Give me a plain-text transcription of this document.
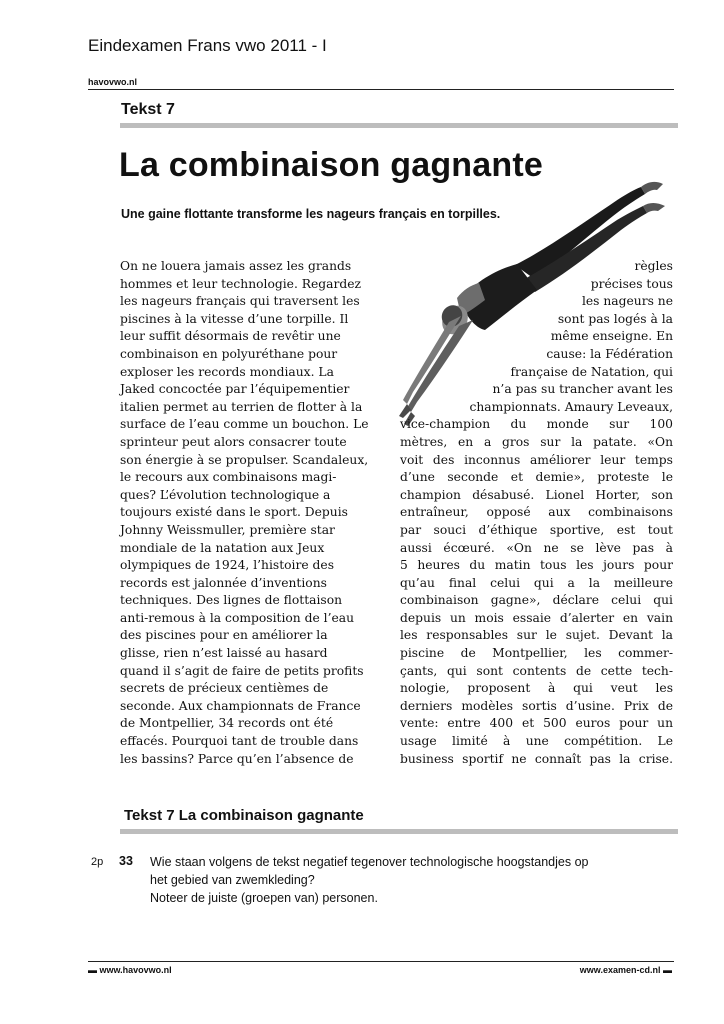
Eindexamen Frans vwo 2011 - I
havovwo.nl
Tekst 7
La combinaison gagnante
Une gaine flottante transforme les nageurs français en torpilles.
On ne louera jamais assez les grands
hommes et leur technologie. Regardez
les nageurs français qui traversent les
piscines à la vitesse d’une torpille. Il
leur suffit désormais de revêtir une
combinaison en polyuréthane pour
exploser les records mondiaux. La
Jaked concoctée par l’équipementier
italien permet au terrien de flotter à la
surface de l’eau comme un bouchon. Le
sprinteur peut alors consacrer toute
son énergie à se propulser. Scandaleux,
le recours aux combinaisons magi-
ques? L’évolution technologique a
toujours existé dans le sport. Depuis
Johnny Weissmuller, première star
mondiale de la natation aux Jeux
olympiques de 1924, l’histoire des
records est jalonnée d’inventions
techniques. Des lignes de flottaison
anti-remous à la composition de l’eau
des piscines pour en améliorer la
glisse, rien n’est laissé au hasard
quand il s’agit de faire de petits profits
secrets de précieux centièmes de
seconde. Aux championnats de France
de Montpellier, 34 records ont été
effacés. Pourquoi tant de trouble dans
les bassins? Parce qu’en l’absence de
règles
précises tous
les nageurs ne
sont pas logés à la
même enseigne. En
cause: la Fédération
française de Natation, qui
n’a pas su trancher avant les
championnats. Amaury Leveaux,
vice-champion du monde sur 100
mètres, en a gros sur la patate. «On
voit des inconnus améliorer leur temps
d’une seconde et demie», proteste le
champion désabusé. Lionel Horter, son
entraîneur, opposé aux combinaisons
par souci d’éthique sportive, est tout
aussi écœuré. «On ne se lève pas à
5 heures du matin tous les jours pour
qu’au final celui qui a la meilleure
combinaison gagne», déclare celui qui
depuis un mois essaie d’alerter en vain
les responsables sur le sujet. Devant la
piscine de Montpellier, les commer-
çants, qui sont contents de cette tech-
nologie, proposent à qui veut les
derniers modèles sortis d’usine. Prix de
vente: entre 400 et 500 euros pour un
usage limité à une compétition. Le
business sportif ne connaît pas la crise.
Tekst 7 La combinaison gagnante
2p 33 Wie staan volgens de tekst negatief tegenover technologische hoogstandjes op
het gebied van zwemkleding?
Noteer de juiste (groepen van) personen.
▬ www.havovwo.nl	www.examen-cd.nl ▬
